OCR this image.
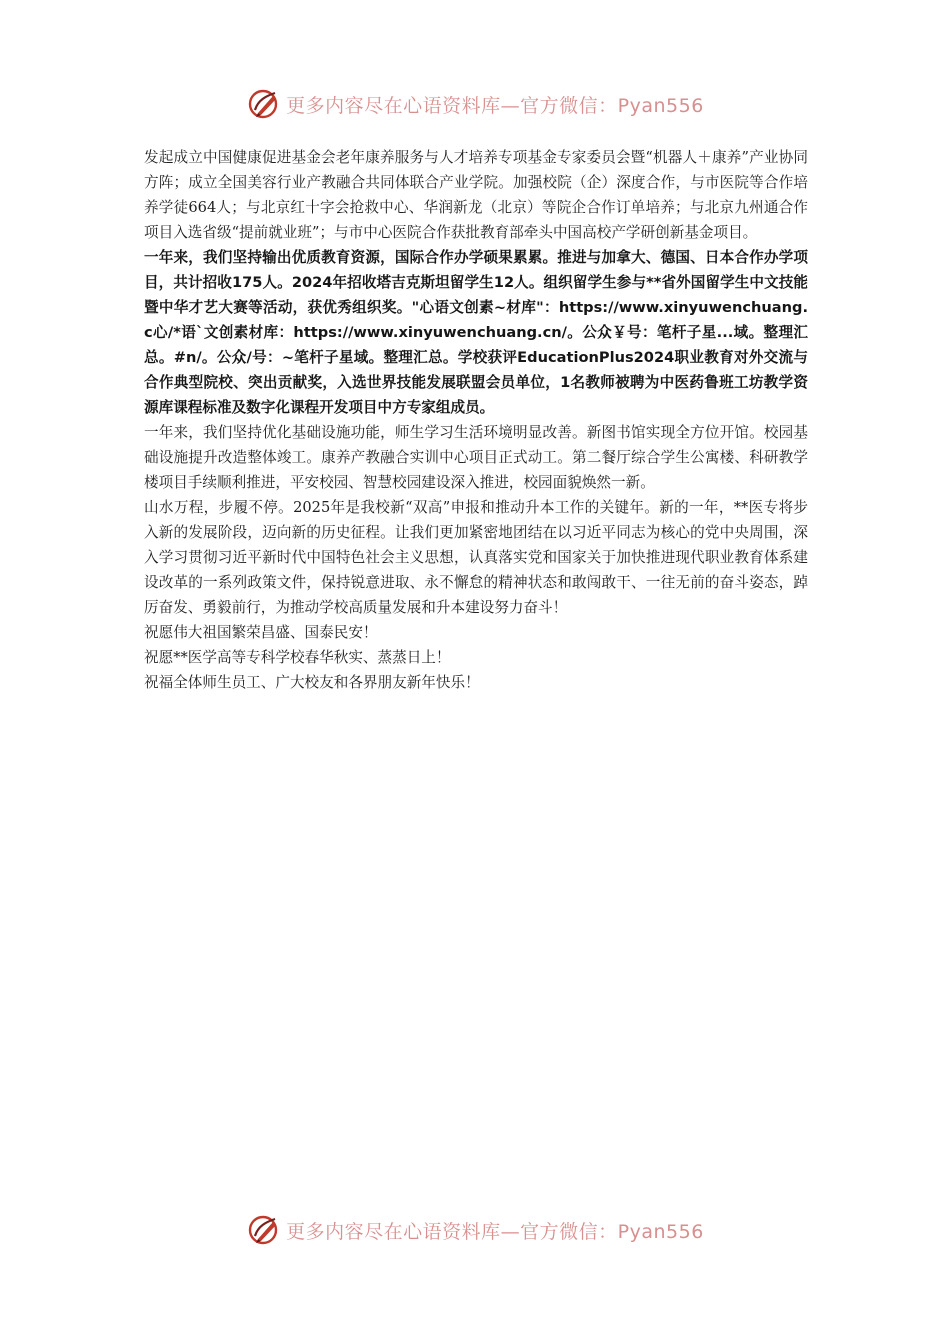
更多内容尽在心语资料库—官方微信：Pyan556

发起成立中国健康促进基金会老年康养服务与人才培养专项基金专家委员会暨“机器人＋康养”产业协同方阵；成立全国美容行业产教融合共同体联合产业学院。加强校院（企）深度合作，与市医院等合作培养学徒664人；与北京红十字会抢救中心、华润新龙（北京）等院企合作订单培养；与北京九州通合作项目入选省级“提前就业班”；与市中心医院合作获批教育部牵头中国高校产学研创新基金项目。

一年来，我们坚持输出优质教育资源，国际合作办学硕果累累。推进与加拿大、德国、日本合作办学项目，共计招收175人。2024年招收塔吉克斯坦留学生12人。组织留学生参与**省外国留学生中文技能暨中华才艺大赛等活动，获优秀组织奖。"心语文创素~材库"：https://www.xinyuwenchuang.c心/*语`文创素材库：https://www.xinyuwenchuang.cn/。公众￥号：笔杆子星...域。整理汇总。#n/。公众/号：~笔杆子星域。整理汇总。学校获评EducationPlus2024职业教育对外交流与合作典型院校、突出贡献奖，入选世界技能发展联盟会员单位，1名教师被聘为中医药鲁班工坊教学资源库课程标准及数字化课程开发项目中方专家组成员。

一年来，我们坚持优化基础设施功能，师生学习生活环境明显改善。新图书馆实现全方位开馆。校园基础设施提升改造整体竣工。康养产教融合实训中心项目正式动工。第二餐厅综合学生公寓楼、科研教学楼项目手续顺利推进，平安校园、智慧校园建设深入推进，校园面貌焕然一新。

山水万程，步履不停。2025年是我校新“双高”申报和推动升本工作的关键年。新的一年，**医专将步入新的发展阶段，迈向新的历史征程。让我们更加紧密地团结在以习近平同志为核心的党中央周围，深入学习贯彻习近平新时代中国特色社会主义思想，认真落实党和国家关于加快推进现代职业教育体系建设改革的一系列政策文件，保持锐意进取、永不懈怠的精神状态和敢闯敢干、一往无前的奋斗姿态，踔厉奋发、勇毅前行，为推动学校高质量发展和升本建设努力奋斗！

祝愿伟大祖国繁荣昌盛、国泰民安！

祝愿**医学高等专科学校春华秋实、蒸蒸日上！

祝福全体师生员工、广大校友和各界朋友新年快乐！

更多内容尽在心语资料库—官方微信：Pyan556
